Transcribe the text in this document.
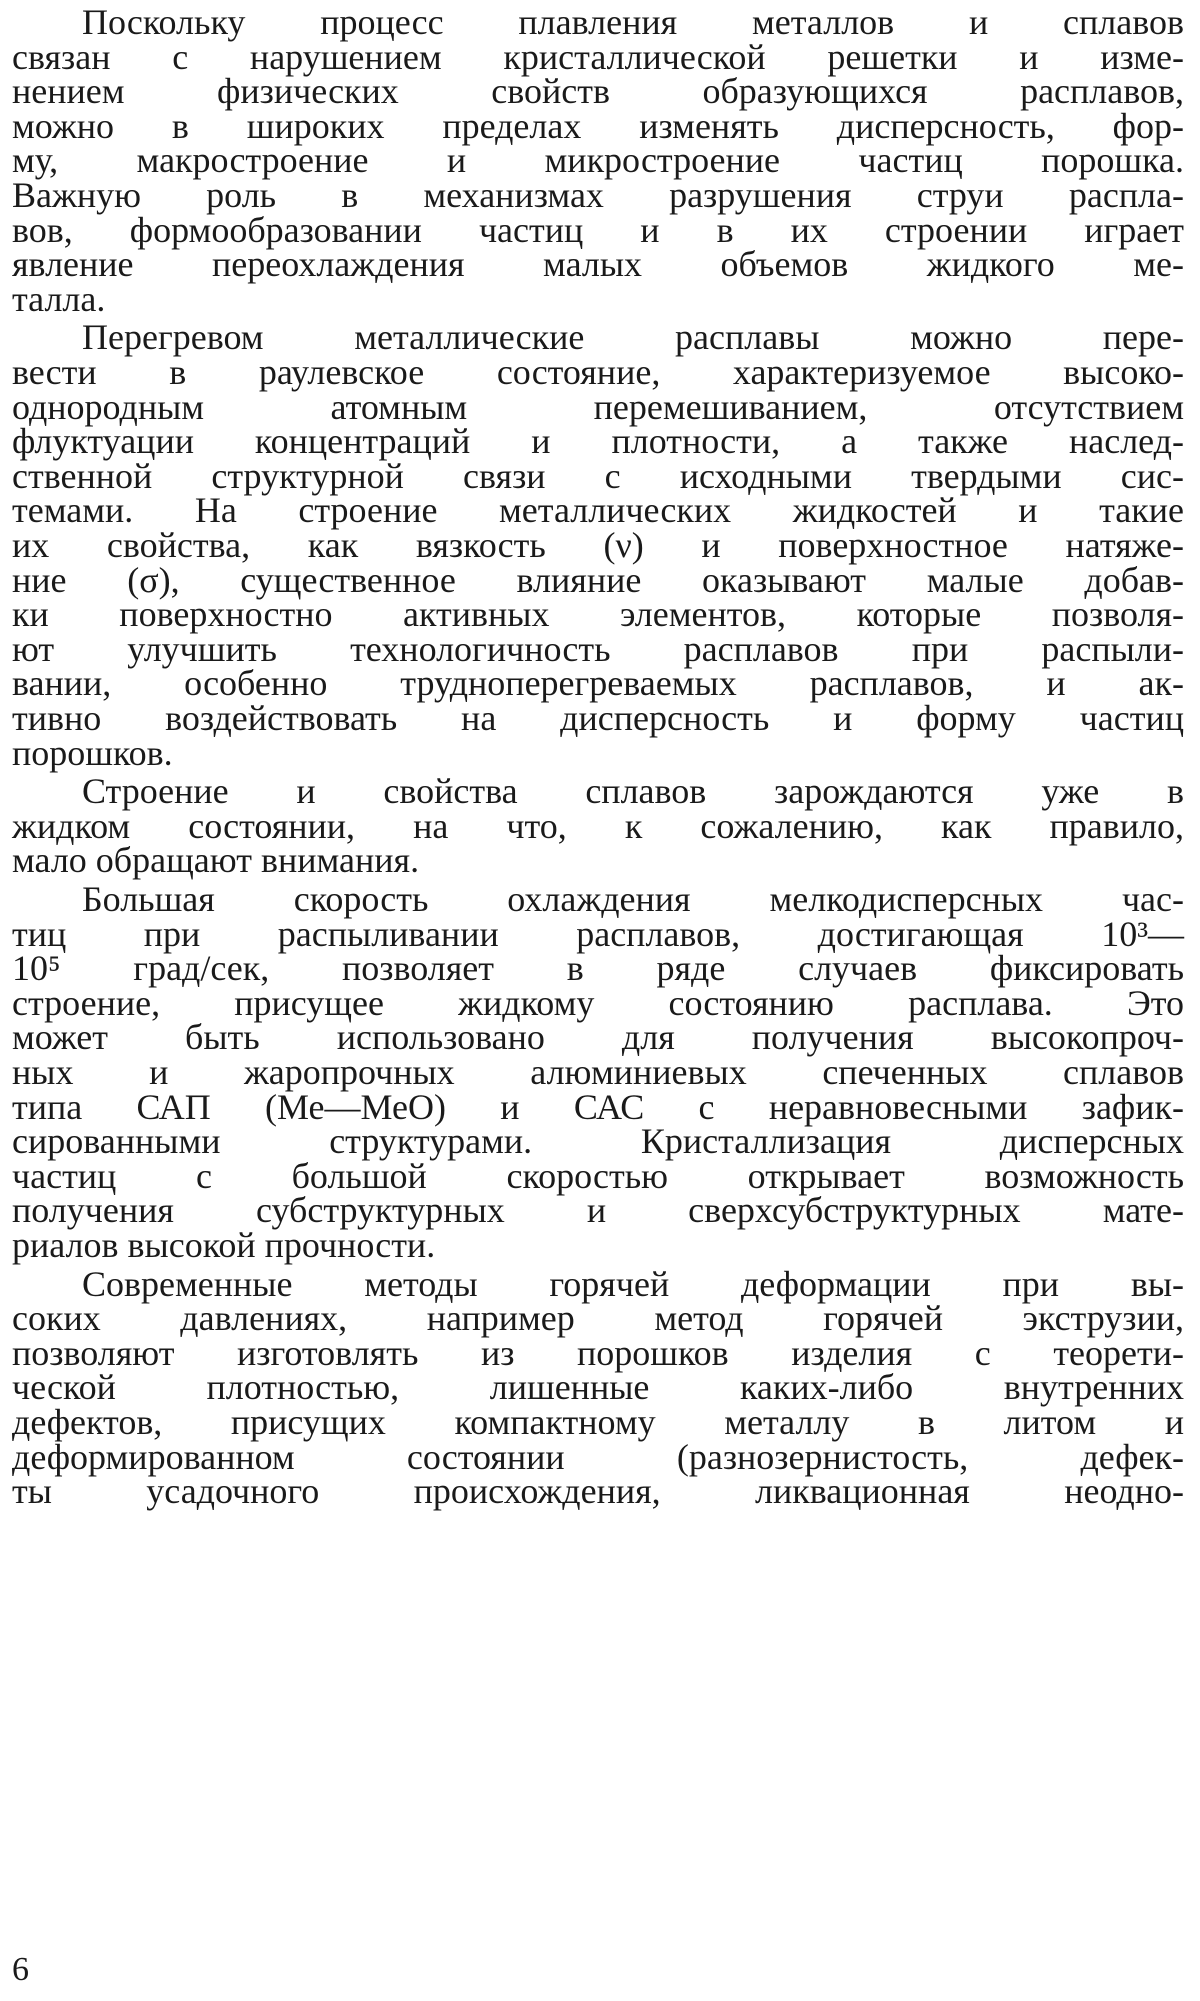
Поскольку процесс плавления металлов и сплавов
связан с нарушением кристаллической решетки и изме-
нением физических свойств образующихся расплавов,
можно в широких пределах изменять дисперсность, фор-
му, макростроение и микростроение частиц порошка.
Важную роль в механизмах разрушения струи распла-
вов, формообразовании частиц и в их строении играет
явление переохлаждения малых объемов жидкого ме-
талла.
Перегревом металлические расплавы можно пере-
вести в раулевское состояние, характеризуемое высоко-
однородным атомным перемешиванием, отсутствием
флуктуации концентраций и плотности, а также наслед-
ственной структурной связи с исходными твердыми сис-
темами. На строение металлических жидкостей и такие
их свойства, как вязкость (ν) и поверхностное натяже-
ние (σ), существенное влияние оказывают малые добав-
ки поверхностно активных элементов, которые позволя-
ют улучшить технологичность расплавов при распыли-
вании, особенно трудноперегреваемых расплавов, и ак-
тивно воздействовать на дисперсность и форму частиц
порошков.
Строение и свойства сплавов зарождаются уже в
жидком состоянии, на что, к сожалению, как правило,
мало обращают внимания.
Большая скорость охлаждения мелкодисперсных час-
тиц при распыливании расплавов, достигающая 10³—
10⁵ град/сек, позволяет в ряде случаев фиксировать
строение, присущее жидкому состоянию расплава. Это
может быть использовано для получения высокопроч-
ных и жаропрочных алюминиевых спеченных сплавов
типа САП (Ме—МеО) и САС с неравновесными зафик-
сированными структурами. Кристаллизация дисперсных
частиц с большой скоростью открывает возможность
получения субструктурных и сверхсубструктурных мате-
риалов высокой прочности.
Современные методы горячей деформации при вы-
соких давлениях, например метод горячей экструзии,
позволяют изготовлять из порошков изделия с теорети-
ческой плотностью, лишенные каких-либо внутренних
дефектов, присущих компактному металлу в литом и
деформированном состоянии (разнозернистость, дефек-
ты усадочного происхождения, ликвационная неодно-
6
